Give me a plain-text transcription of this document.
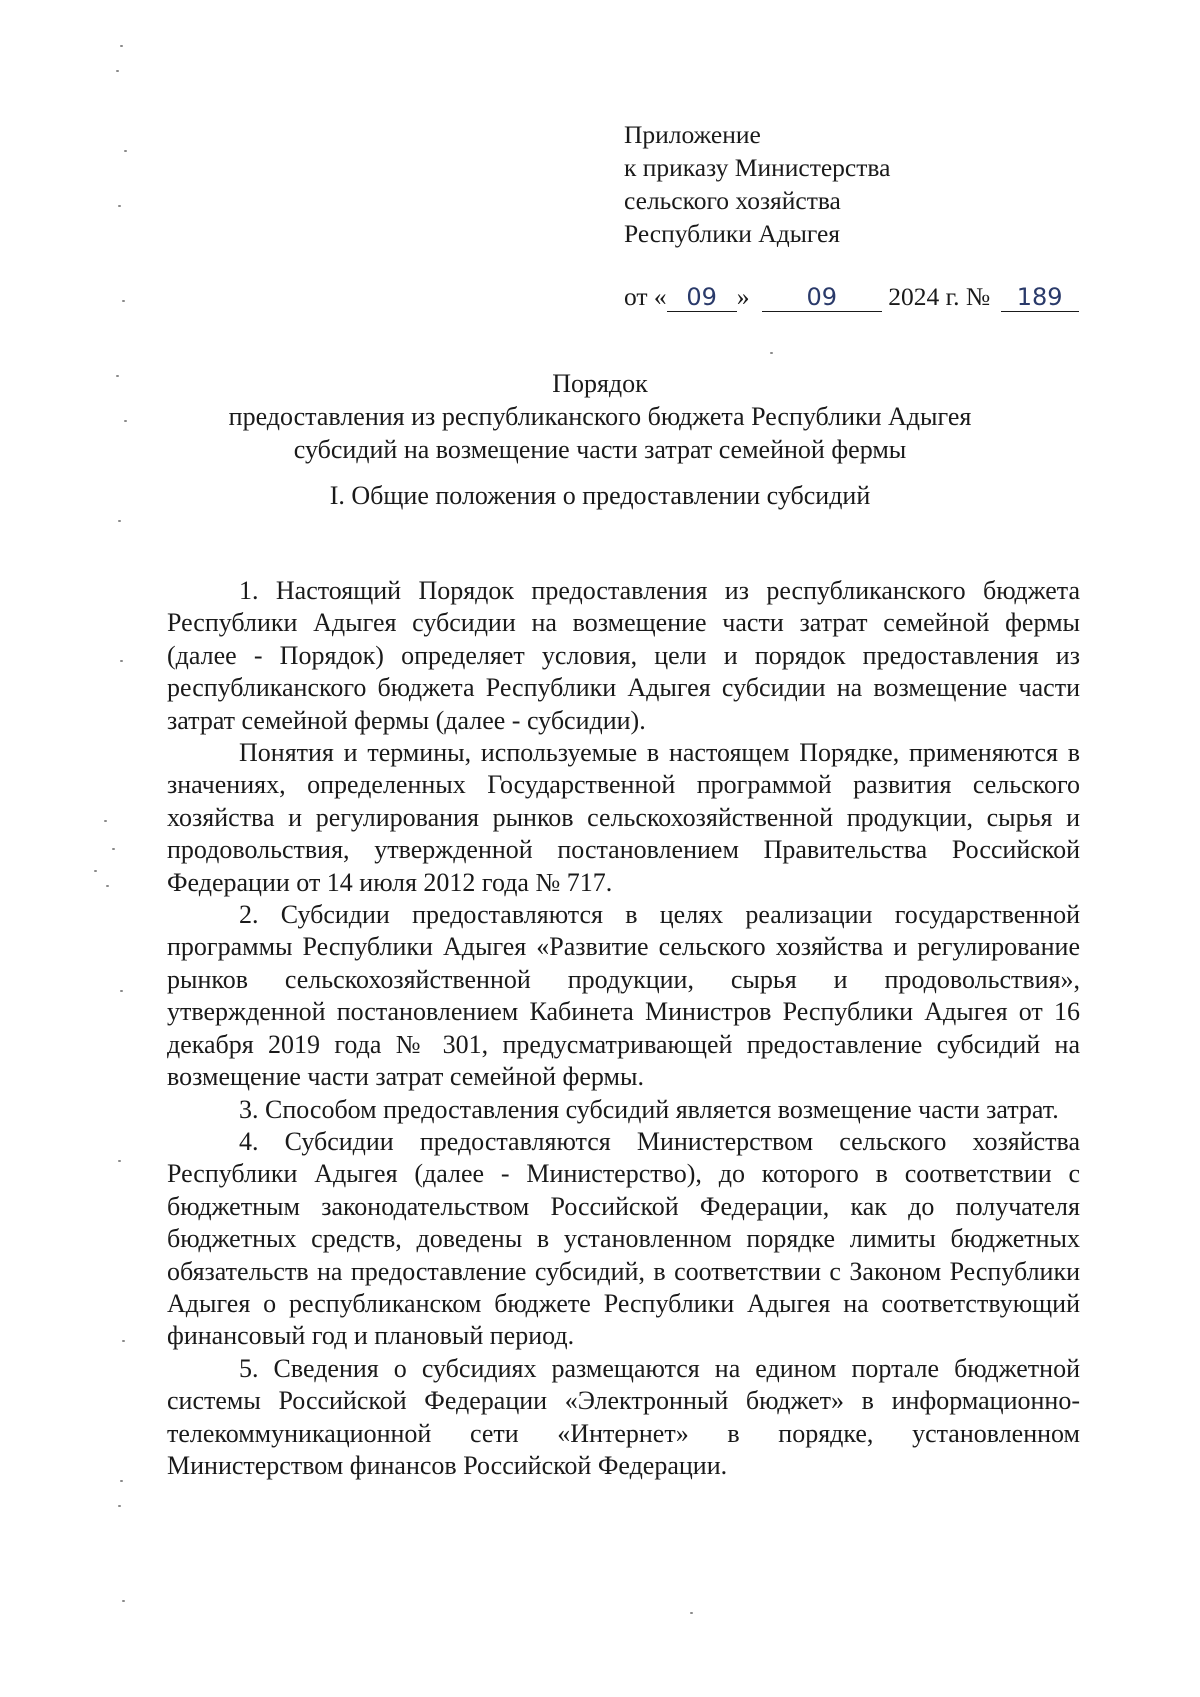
Приложение
к приказу Министерства
сельского хозяйства
Республики Адыгея
от « 09 » 09 2024 г. № 189
Порядок
предоставления из республиканского бюджета Республики Адыгея
субсидий на возмещение части затрат семейной фермы
I. Общие положения о предоставлении субсидий

1. Настоящий Порядок предоставления из республиканского бюджета Республики Адыгея субсидии на возмещение части затрат семейной фермы (далее - Порядок) определяет условия, цели и порядок предоставления из республиканского бюджета Республики Адыгея субсидии на возмещение части затрат семейной фермы (далее - субсидии).

Понятия и термины, используемые в настоящем Порядке, применяются в значениях, определенных Государственной программой развития сельского хозяйства и регулирования рынков сельскохозяйственной продукции, сырья и продовольствия, утвержденной постановлением Правительства Российской Федерации от 14 июля 2012 года № 717.

2. Субсидии предоставляются в целях реализации государственной программы Республики Адыгея «Развитие сельского хозяйства и регулирование рынков сельскохозяйственной продукции, сырья и продовольствия», утвержденной постановлением Кабинета Министров Республики Адыгея от 16 декабря 2019 года № 301, предусматривающей предоставление субсидий на возмещение части затрат семейной фермы.

3. Способом предоставления субсидий является возмещение части затрат.

4. Субсидии предоставляются Министерством сельского хозяйства Республики Адыгея (далее - Министерство), до которого в соответствии с бюджетным законодательством Российской Федерации, как до получателя бюджетных средств, доведены в установленном порядке лимиты бюджетных обязательств на предоставление субсидий, в соответствии с Законом Республики Адыгея о республиканском бюджете Республики Адыгея на соответствующий финансовый год и плановый период.

5. Сведения о субсидиях размещаются на едином портале бюджетной системы Российской Федерации «Электронный бюджет» в информационно-телекоммуникационной сети «Интернет» в порядке, установленном Министерством финансов Российской Федерации.
